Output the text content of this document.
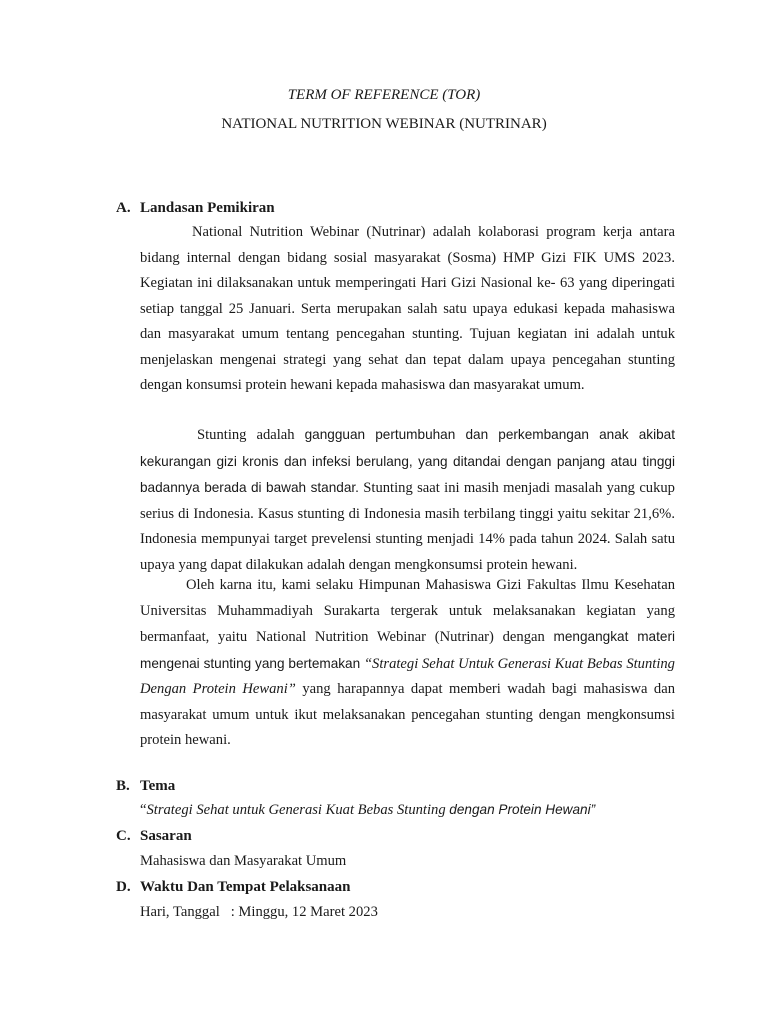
TERM OF REFERENCE (TOR)
NATIONAL NUTRITION WEBINAR (NUTRINAR)
A. Landasan Pemikiran

National Nutrition Webinar (Nutrinar) adalah kolaborasi program kerja antara bidang internal dengan bidang sosial masyarakat (Sosma) HMP Gizi FIK UMS 2023. Kegiatan ini dilaksanakan untuk memperingati Hari Gizi Nasional ke- 63 yang diperingati setiap tanggal 25 Januari. Serta merupakan salah satu upaya edukasi kepada mahasiswa dan masyarakat umum tentang pencegahan stunting. Tujuan kegiatan ini adalah untuk menjelaskan mengenai strategi yang sehat dan tepat dalam upaya pencegahan stunting dengan konsumsi protein hewani kepada mahasiswa dan masyarakat umum.

Stunting adalah gangguan pertumbuhan dan perkembangan anak akibat kekurangan gizi kronis dan infeksi berulang, yang ditandai dengan panjang atau tinggi badannya berada di bawah standar. Stunting saat ini masih menjadi masalah yang cukup serius di Indonesia. Kasus stunting di Indonesia masih terbilang tinggi yaitu sekitar 21,6%. Indonesia mempunyai target prevelensi stunting menjadi 14% pada tahun 2024. Salah satu upaya yang dapat dilakukan adalah dengan mengkonsumsi protein hewani.

Oleh karna itu, kami selaku Himpunan Mahasiswa Gizi Fakultas Ilmu Kesehatan Universitas Muhammadiyah Surakarta tergerak untuk melaksanakan kegiatan yang bermanfaat, yaitu National Nutrition Webinar (Nutrinar) dengan mengangkat materi mengenai stunting yang bertemakan “Strategi Sehat Untuk Generasi Kuat Bebas Stunting Dengan Protein Hewani” yang harapannya dapat memberi wadah bagi mahasiswa dan masyarakat umum untuk ikut melaksanakan pencegahan stunting dengan mengkonsumsi protein hewani.

B. Tema
“Strategi Sehat untuk Generasi Kuat Bebas Stunting dengan Protein Hewani”
C. Sasaran
Mahasiswa dan Masyarakat Umum
D. Waktu Dan Tempat Pelaksanaan
Hari, Tanggal : Minggu, 12 Maret 2023
